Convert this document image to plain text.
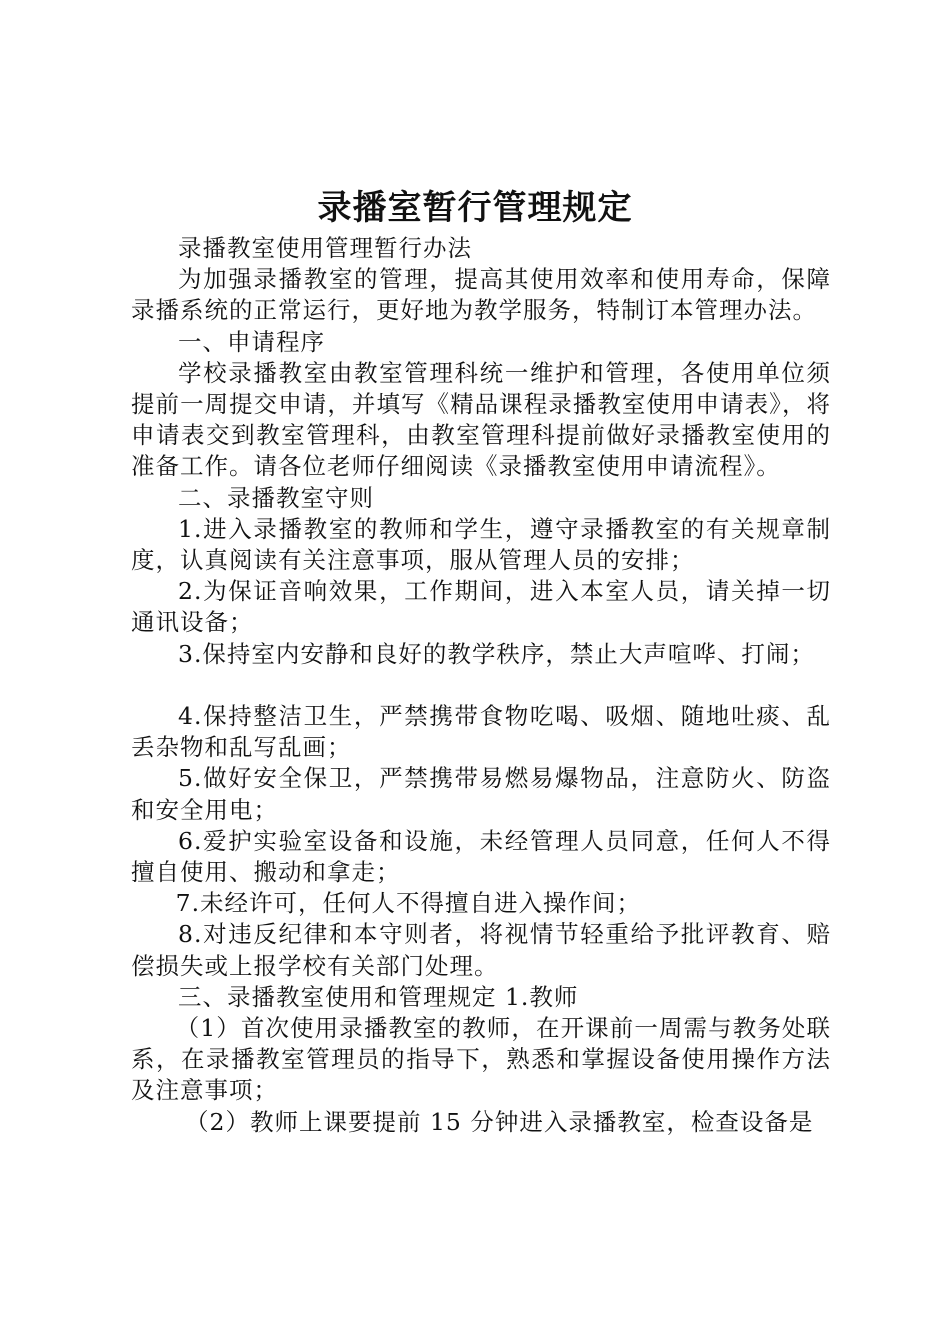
录播室暂行管理规定

录播教室使用管理暂行办法

为加强录播教室的管理，提高其使用效率和使用寿命，保障录播系统的正常运行，更好地为教学服务，特制订本管理办法。

一、申请程序

学校录播教室由教室管理科统一维护和管理，各使用单位须提前一周提交申请，并填写《精品课程录播教室使用申请表》，将申请表交到教室管理科，由教室管理科提前做好录播教室使用的准备工作。请各位老师仔细阅读《录播教室使用申请流程》。

二、录播教室守则

1.进入录播教室的教师和学生，遵守录播教室的有关规章制度，认真阅读有关注意事项，服从管理人员的安排；

2.为保证音响效果，工作期间，进入本室人员，请关掉一切通讯设备；

3.保持室内安静和良好的教学秩序，禁止大声喧哗、打闹；

4.保持整洁卫生，严禁携带食物吃喝、吸烟、随地吐痰、乱丢杂物和乱写乱画；

5.做好安全保卫，严禁携带易燃易爆物品，注意防火、防盗和安全用电；

6.爱护实验室设备和设施，未经管理人员同意，任何人不得擅自使用、搬动和拿走；

7.未经许可，任何人不得擅自进入操作间；

8.对违反纪律和本守则者，将视情节轻重给予批评教育、赔偿损失或上报学校有关部门处理。

三、录播教室使用和管理规定 1.教师

（1）首次使用录播教室的教师，在开课前一周需与教务处联系，在录播教室管理员的指导下，熟悉和掌握设备使用操作方法及注意事项；

（2）教师上课要提前 15 分钟进入录播教室，检查设备是
